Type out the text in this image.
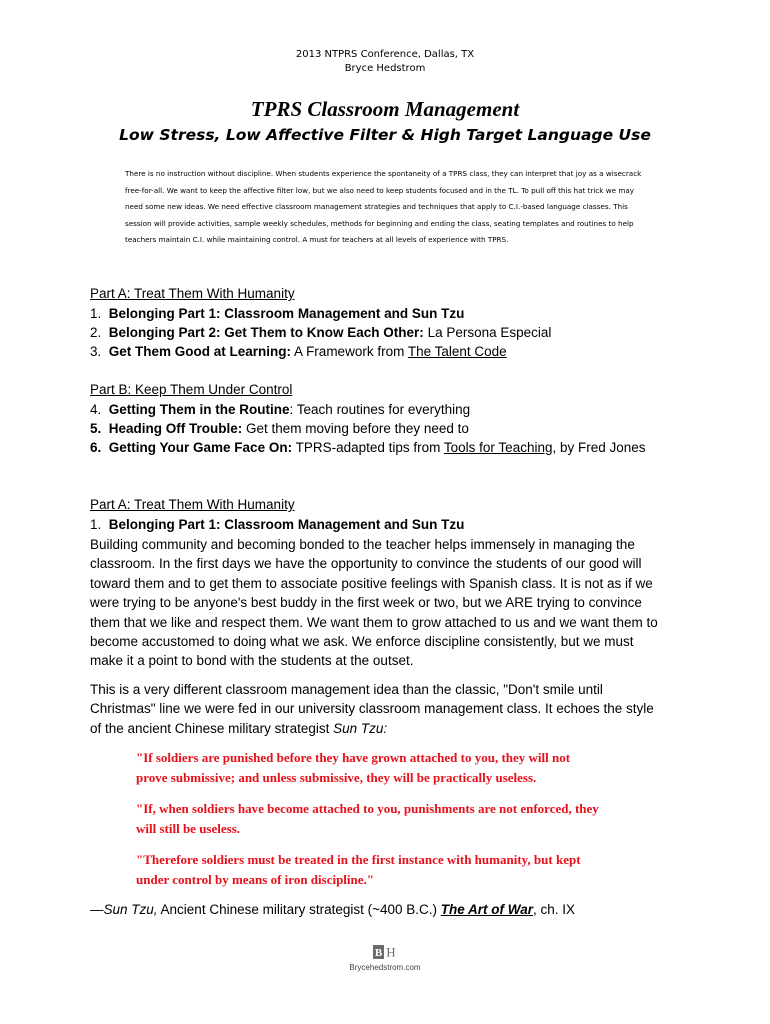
2013 NTPRS Conference, Dallas, TX
Bryce Hedstrom
TPRS Classroom Management
Low Stress, Low Affective Filter & High Target Language Use

There is no instruction without discipline. When students experience the spontaneity of a TPRS class, they can interpret that joy as a wisecrack

free-for-all. We want to keep the affective filter low, but we also need to keep students focused and in the TL. To pull off this hat trick we may

need some new ideas. We need effective classroom management strategies and techniques that apply to C.I.-based language classes. This

session will provide activities, sample weekly schedules, methods for beginning and ending the class, seating templates and routines to help

teachers maintain C.I. while maintaining control. A must for teachers at all levels of experience with TPRS.

Part A: Treat Them With Humanity
1. Belonging Part 1: Classroom Management and Sun Tzu
2. Belonging Part 2: Get Them to Know Each Other: La Persona Especial
3. Get Them Good at Learning: A Framework from The Talent Code
Part B: Keep Them Under Control
4. Getting Them in the Routine: Teach routines for everything
5. Heading Off Trouble: Get them moving before they need to
6. Getting Your Game Face On: TPRS-adapted tips from Tools for Teaching, by Fred Jones
Part A: Treat Them With Humanity
1. Belonging Part 1: Classroom Management and Sun Tzu

Building community and becoming bonded to the teacher helps immensely in managing the

classroom. In the first days we have the opportunity to convince the students of our good will

toward them and to get them to associate positive feelings with Spanish class. It is not as if we

were trying to be anyone's best buddy in the first week or two, but we ARE trying to convince

them that we like and respect them. We want them to grow attached to us and we want them to

become accustomed to doing what we ask. We enforce discipline consistently, but we must

make it a point to bond with the students at the outset.

This is a very different classroom management idea than the classic, "Don't smile until

Christmas" line we were fed in our university classroom management class. It echoes the style

of the ancient Chinese military strategist Sun Tzu:

"If soldiers are punished before they have grown attached to you, they will not

prove submissive; and unless submissive, they will be practically useless.

"If, when soldiers have become attached to you, punishments are not enforced, they

will still be useless.

"Therefore soldiers must be treated in the first instance with humanity, but kept

under control by means of iron discipline."

—Sun Tzu, Ancient Chinese military strategist (~400 B.C.) The Art of War, ch. IX
B H
Brycehedstrom.com
